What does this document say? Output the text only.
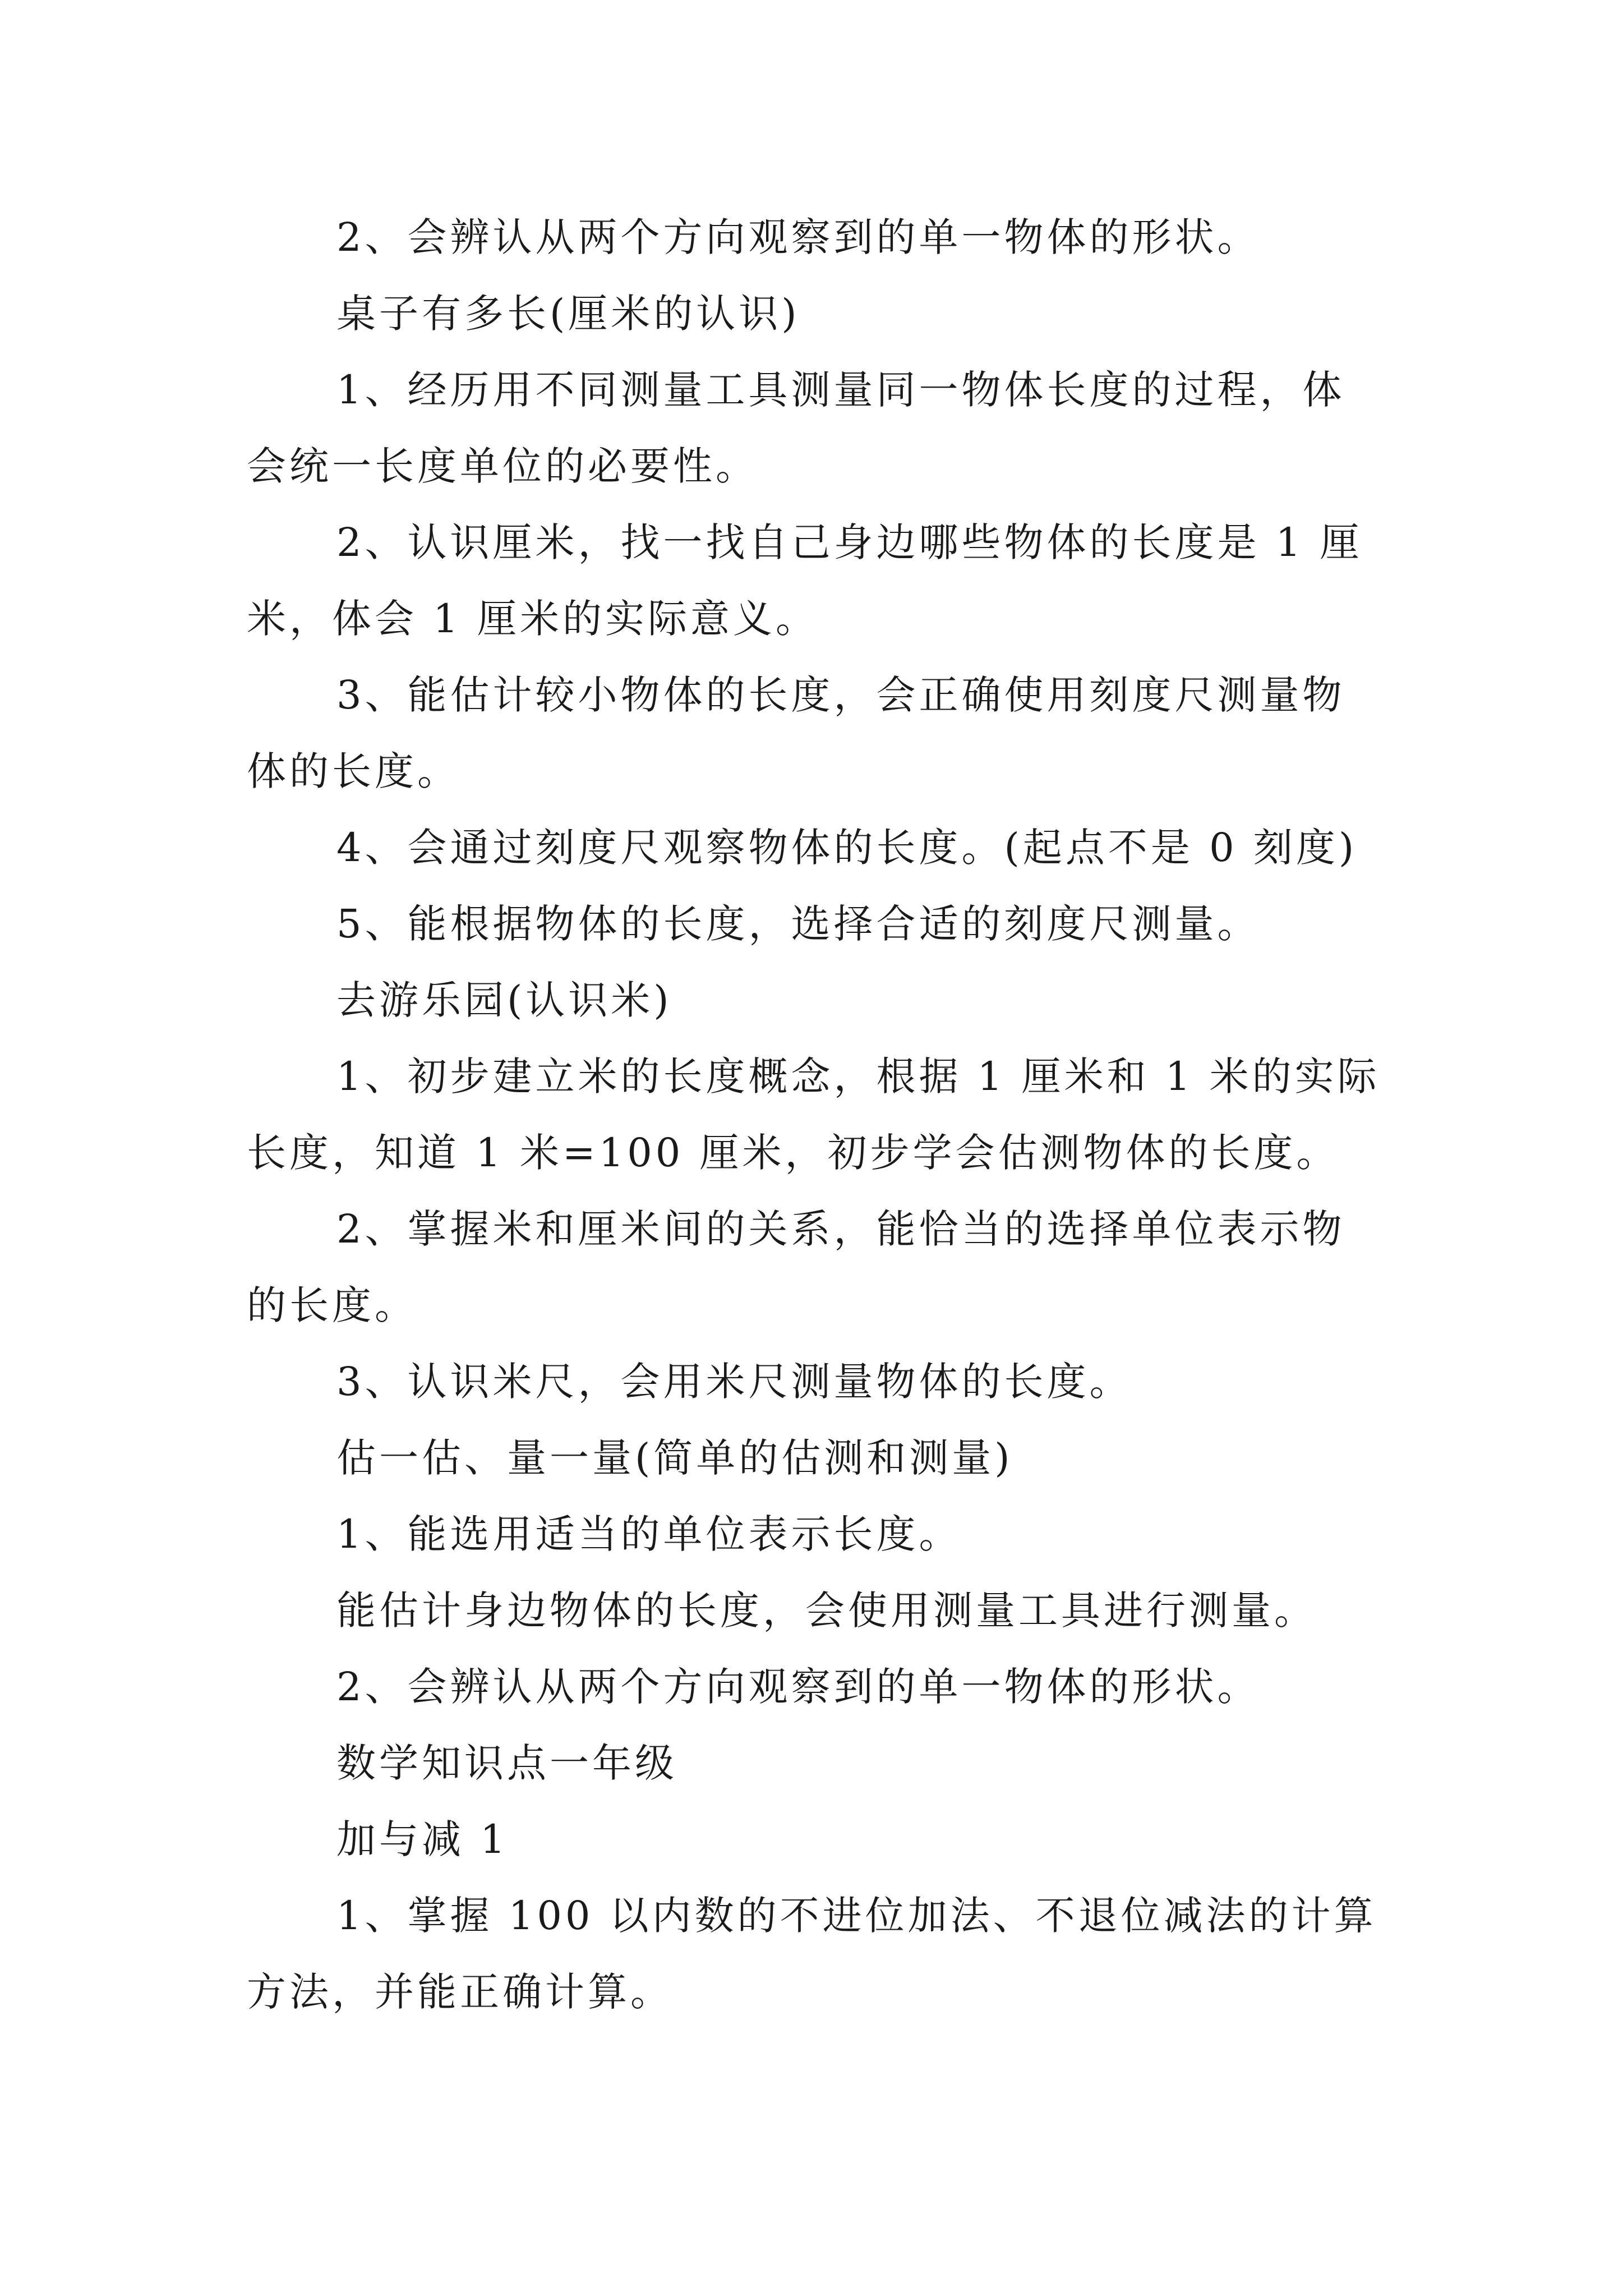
2、会辨认从两个方向观察到的单一物体的形状。

桌子有多长(厘米的认识)

1、经历用不同测量工具测量同一物体长度的过程，体会统一长度单位的必要性。

2、认识厘米，找一找自己身边哪些物体的长度是 1 厘米，体会 1 厘米的实际意义。

3、能估计较小物体的长度，会正确使用刻度尺测量物体的长度。

4、会通过刻度尺观察物体的长度。(起点不是 0 刻度)

5、能根据物体的长度，选择合适的刻度尺测量。

去游乐园(认识米)

1、初步建立米的长度概念，根据 1 厘米和 1 米的实际长度，知道 1 米=100 厘米，初步学会估测物体的长度。

2、掌握米和厘米间的关系，能恰当的选择单位表示物的长度。

3、认识米尺，会用米尺测量物体的长度。

估一估、量一量(简单的估测和测量)

1、能选用适当的单位表示长度。

能估计身边物体的长度，会使用测量工具进行测量。

2、会辨认从两个方向观察到的单一物体的形状。

数学知识点一年级

加与减 1

1、掌握 100 以内数的不进位加法、不退位减法的计算方法，并能正确计算。
